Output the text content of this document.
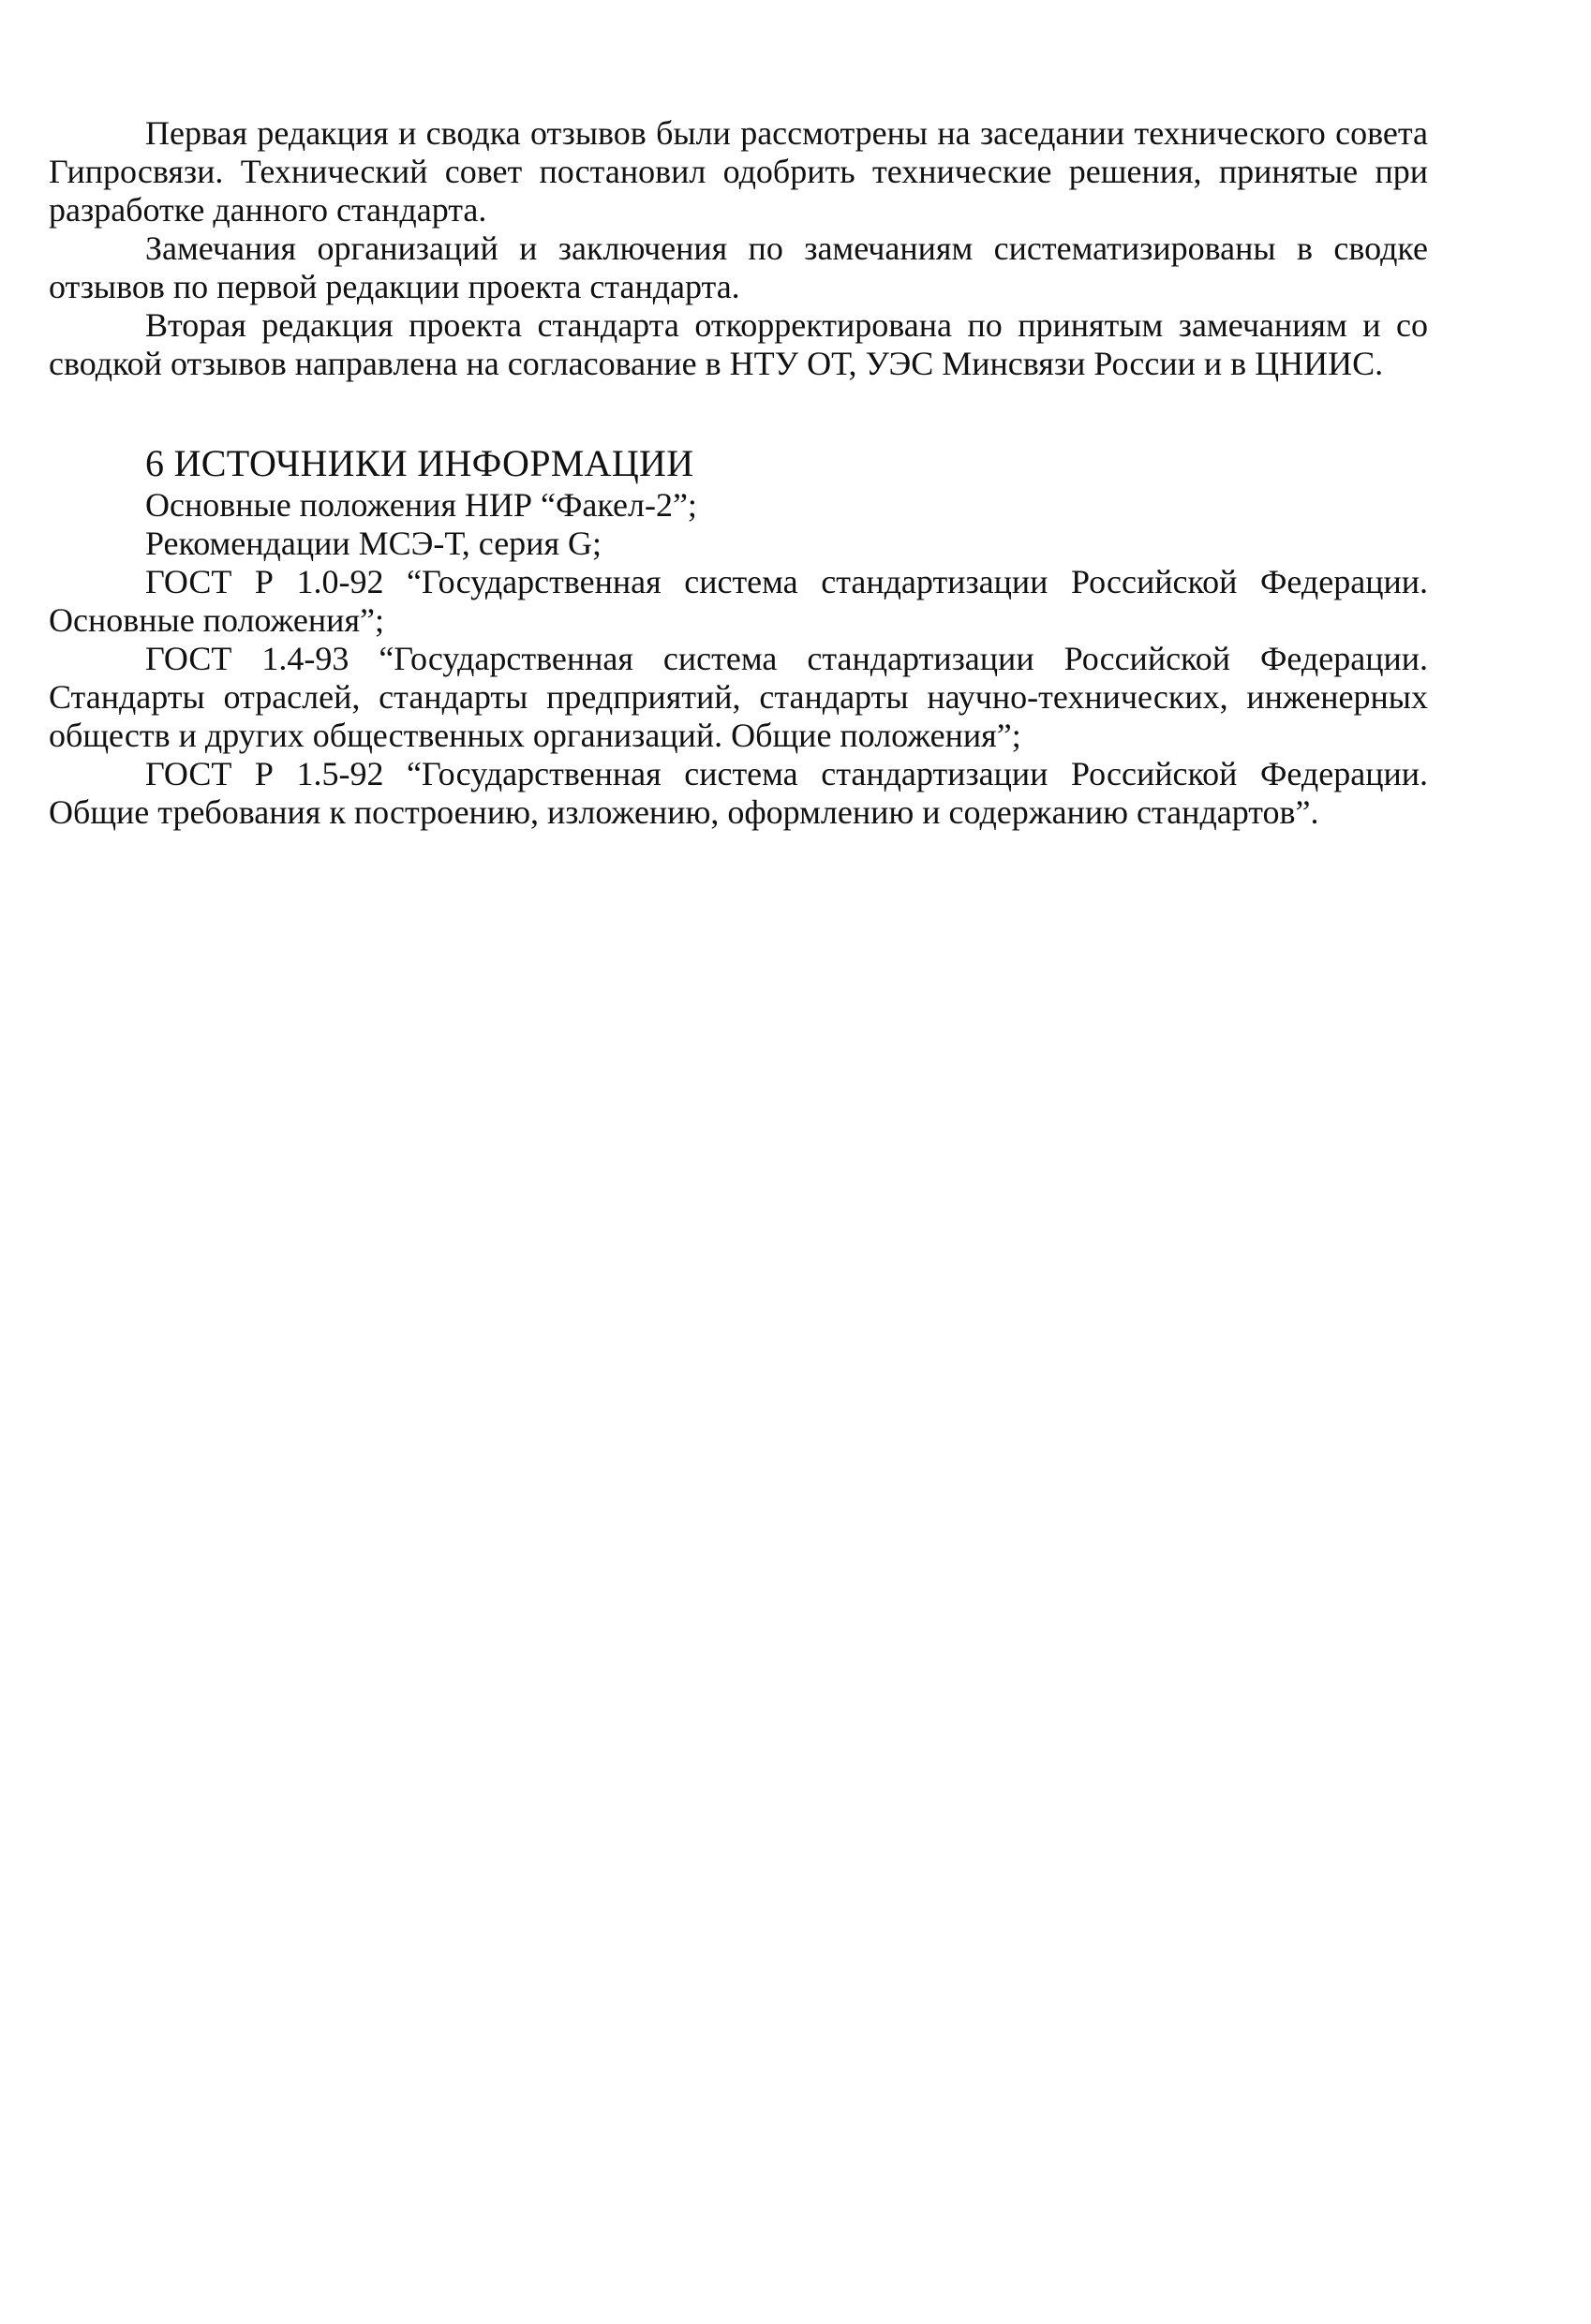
Первая редакция и сводка отзывов были рассмотрены на заседании технического совета Гипросвязи. Технический совет постановил одобрить технические решения, принятые при разработке данного стандарта.

Замечания организаций и заключения по замечаниям систематизированы в сводке отзывов по первой редакции проекта стандарта.

Вторая редакция проекта стандарта откорректирована по принятым замечаниям и со сводкой отзывов направлена на согласование в НТУ ОТ, УЭС Минсвязи России и в ЦНИИС.

6 ИСТОЧНИКИ ИНФОРМАЦИИ

Основные положения НИР “Факел-2”;

Рекомендации МСЭ-Т, серия G;

ГОСТ Р 1.0-92 “Государственная система стандартизации Российской Федерации. Основные положения”;

ГОСТ 1.4-93 “Государственная система стандартизации Российской Федерации. Стандарты отраслей, стандарты предприятий, стандарты научно-технических, инженерных обществ и других общественных организаций. Общие положения”;

ГОСТ Р 1.5-92 “Государственная система стандартизации Российской Федерации. Общие требования к построению, изложению, оформлению и содержанию стандартов”.
